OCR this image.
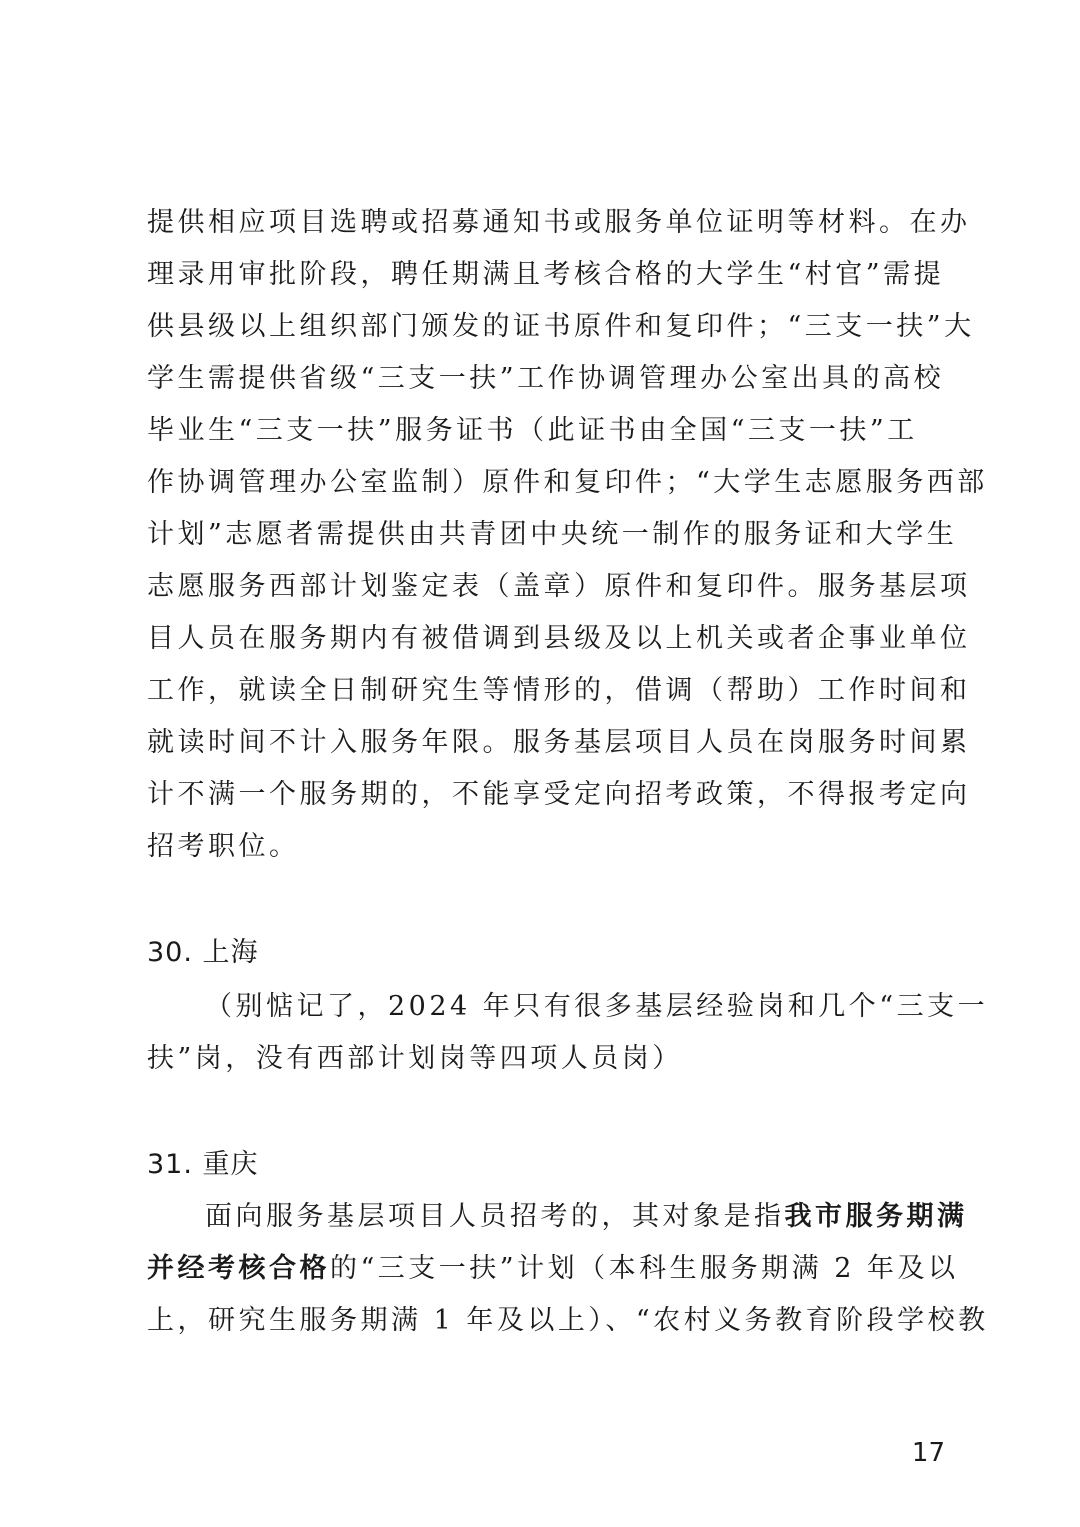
提供相应项目选聘或招募通知书或服务单位证明等材料。在办
理录用审批阶段，聘任期满且考核合格的大学生“村官”需提
供县级以上组织部门颁发的证书原件和复印件；“三支一扶”大
学生需提供省级“三支一扶”工作协调管理办公室出具的高校
毕业生“三支一扶”服务证书（此证书由全国“三支一扶”工
作协调管理办公室监制）原件和复印件；“大学生志愿服务西部
计划”志愿者需提供由共青团中央统一制作的服务证和大学生
志愿服务西部计划鉴定表（盖章）原件和复印件。服务基层项
目人员在服务期内有被借调到县级及以上机关或者企事业单位
工作，就读全日制研究生等情形的，借调（帮助）工作时间和
就读时间不计入服务年限。服务基层项目人员在岗服务时间累
计不满一个服务期的，不能享受定向招考政策，不得报考定向
招考职位。
30. 上海
（别惦记了，2024 年只有很多基层经验岗和几个“三支一
扶”岗，没有西部计划岗等四项人员岗）
31. 重庆
面向服务基层项目人员招考的，其对象是指我市服务期满
并经考核合格的“三支一扶”计划（本科生服务期满 2 年及以
上，研究生服务期满 1 年及以上）、“农村义务教育阶段学校教
17
